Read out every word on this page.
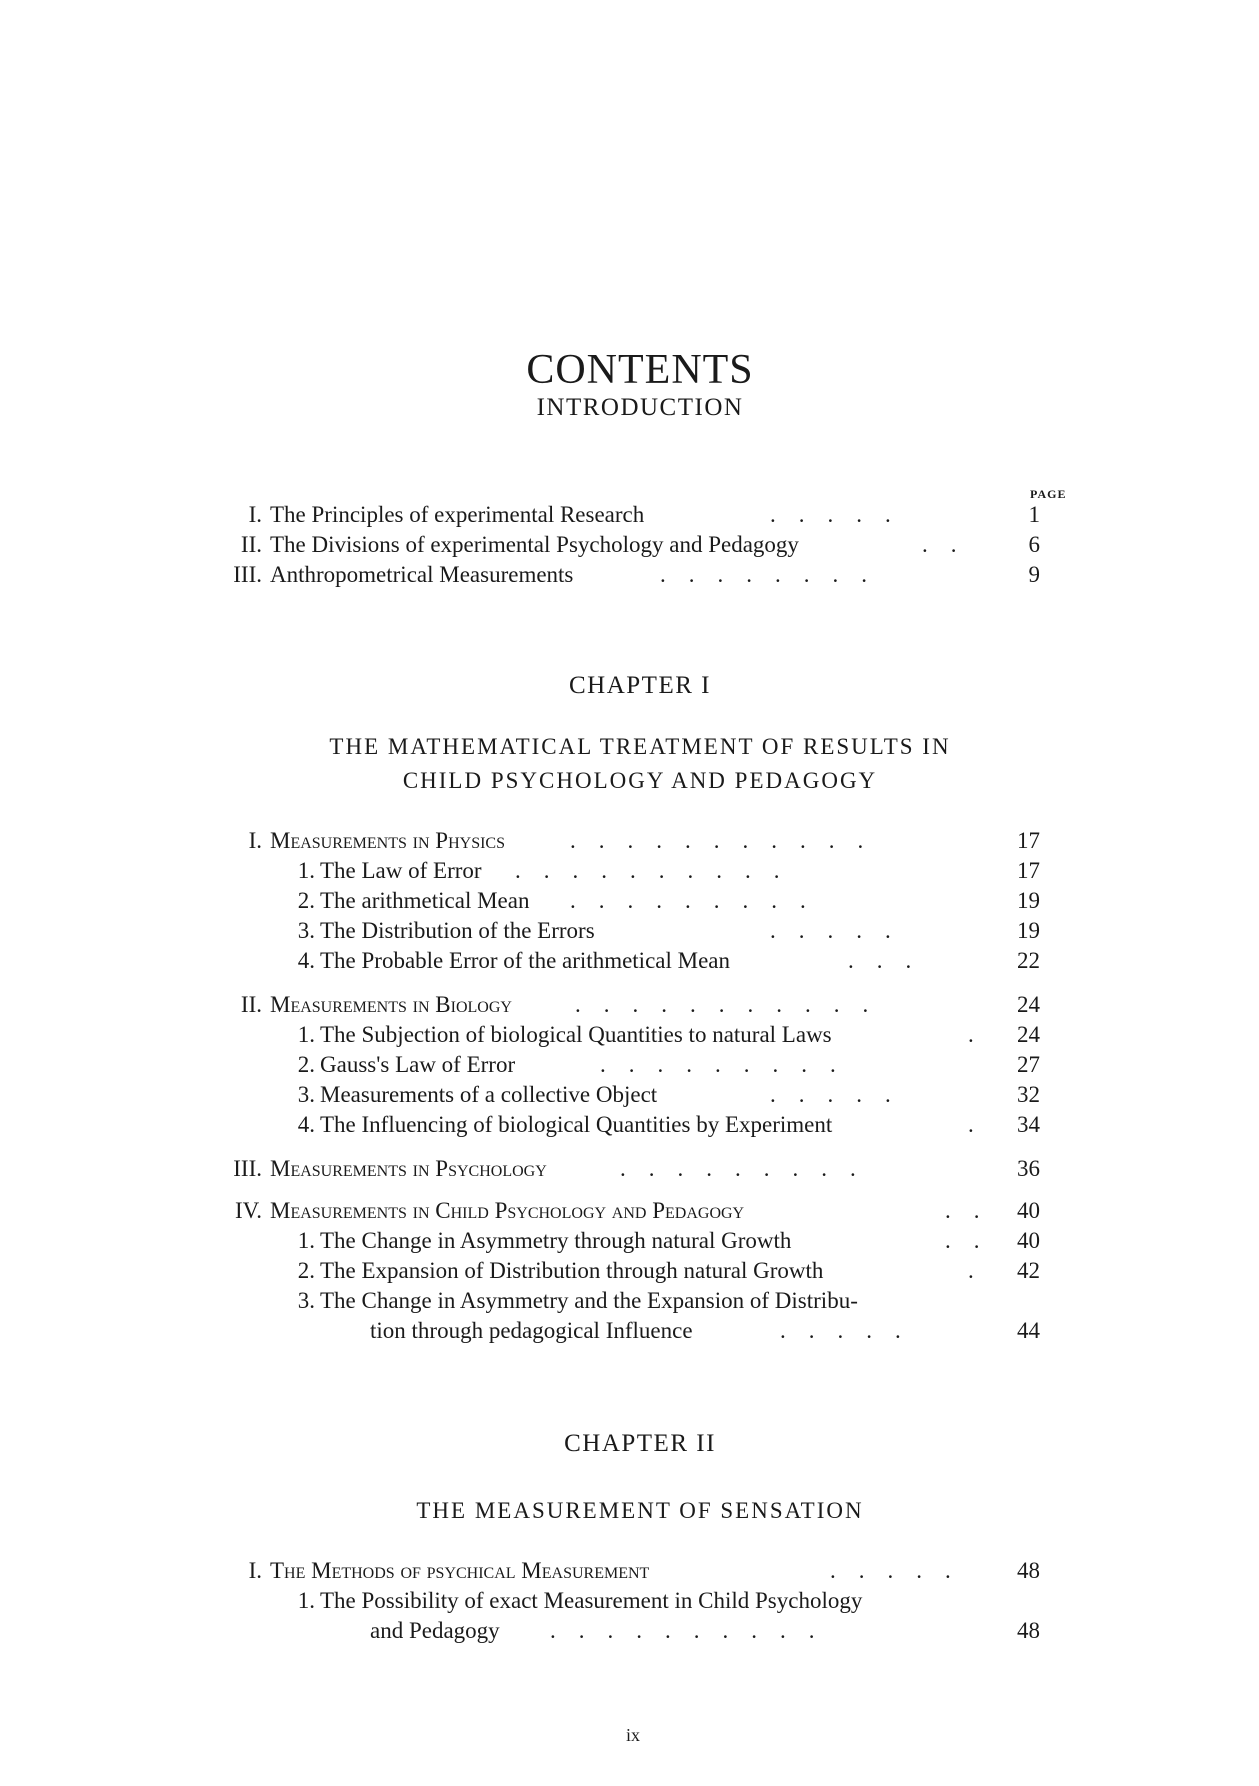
CONTENTS
INTRODUCTION
PAGE
I. The Principles of experimental Research	.    .    .    .    .	1
II. The Divisions of experimental Psychology and Pedagogy	.    .	6
III. Anthropometrical Measurements	.    .    .    .    .    .    .    .	9
CHAPTER I
THE MATHEMATICAL TREATMENT OF RESULTS IN
CHILD PSYCHOLOGY AND PEDAGOGY
I. Measurements in Physics	.    .    .    .    .    .    .    .    .    .    .	17
1. The Law of Error .    .    .    .    .    .    .    .    .    .	17
2. The arithmetical Mean .    .    .    .    .    .    .    .    .	19
3. The Distribution of the Errors	.    .    .    .    .	19
4. The Probable Error of the arithmetical Mean	.    .    .	22
II. Measurements in Biology	.    .    .    .    .    .    .    .    .    .    .	24
1. The Subjection of biological Quantities to natural Laws	.	24
2. Gauss's Law of Error	.    .    .    .    .    .    .    .    .	27
3. Measurements of a collective Object	.    .    .    .    .	32
4. The Influencing of biological Quantities by Experiment	.	34
III. Measurements in Psychology	.    .    .    .    .    .    .    .    .	36
IV. Measurements in Child Psychology and Pedagogy	.    .	40
1. The Change in Asymmetry through natural Growth	.    .	40
2. The Expansion of Distribution through natural Growth	.	42
3. The Change in Asymmetry and the Expansion of Distribu-
tion through pedagogical Influence	.    .    .    .    .	44
CHAPTER II
THE MEASUREMENT OF SENSATION
I. The Methods of psychical Measurement	.    .    .    .    .	48
1. The Possibility of exact Measurement in Child Psychology
and Pedagogy .    .    .    .    .    .    .    .    .    .	48
ix
